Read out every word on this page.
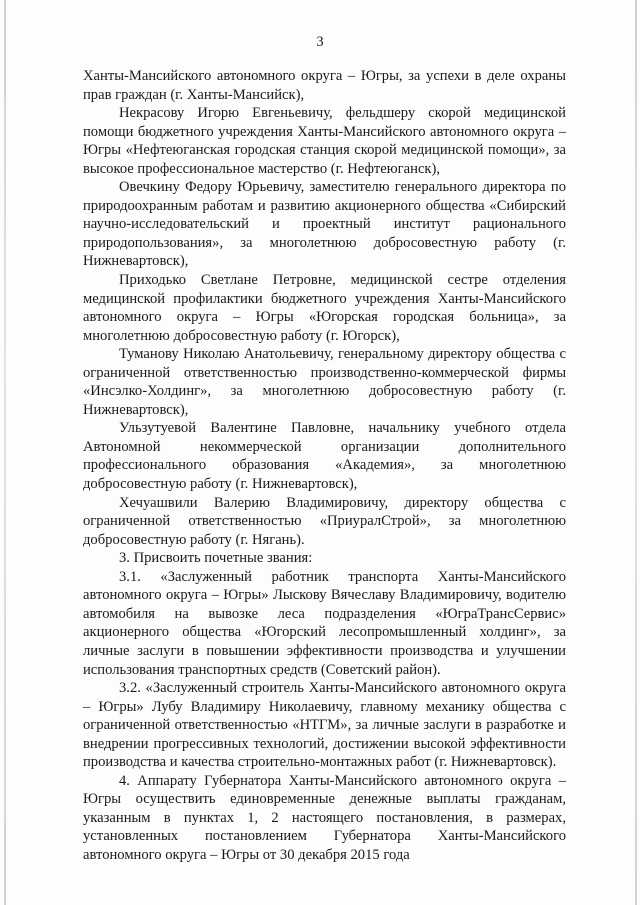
3

Ханты-Мансийского автономного округа – Югры, за успехи в деле охраны прав граждан (г. Ханты-Мансийск),

Некрасову Игорю Евгеньевичу, фельдшеру скорой медицинской помощи бюджетного учреждения Ханты-Мансийского автономного округа – Югры «Нефтеюганская городская станция скорой медицинской помощи», за высокое профессиональное мастерство (г. Нефтеюганск),

Овечкину Федору Юрьевичу, заместителю генерального директора по природоохранным работам и развитию акционерного общества «Сибирский научно-исследовательский и проектный институт рационального природопользования», за многолетнюю добросовестную работу (г. Нижневартовск),

Приходько Светлане Петровне, медицинской сестре отделения медицинской профилактики бюджетного учреждения Ханты-Мансийского автономного округа – Югры «Югорская городская больница», за многолетнюю добросовестную работу (г. Югорск),

Туманову Николаю Анатольевичу, генеральному директору общества с ограниченной ответственностью производственно-коммерческой фирмы «Инсэлко-Холдинг», за многолетнюю добросовестную работу (г. Нижневартовск),

Ульзутуевой Валентине Павловне, начальнику учебного отдела Автономной некоммерческой организации дополнительного профессионального образования «Академия», за многолетнюю добросовестную работу (г. Нижневартовск),

Хечуашвили Валерию Владимировичу, директору общества с ограниченной ответственностью «ПриуралСтрой», за многолетнюю добросовестную работу (г. Нягань).

3. Присвоить почетные звания:

3.1. «Заслуженный работник транспорта Ханты-Мансийского автономного округа – Югры» Лыскову Вячеславу Владимировичу, водителю автомобиля на вывозке леса подразделения «ЮграТрансСервис» акционерного общества «Югорский лесопромышленный холдинг», за личные заслуги в повышении эффективности производства и улучшении использования транспортных средств (Советский район).

3.2. «Заслуженный строитель Ханты-Мансийского автономного округа – Югры» Лубу Владимиру Николаевичу, главному механику общества с ограниченной ответственностью «НТГМ», за личные заслуги в разработке и внедрении прогрессивных технологий, достижении высокой эффективности производства и качества строительно-монтажных работ (г. Нижневартовск).

4. Аппарату Губернатора Ханты-Мансийского автономного округа – Югры осуществить единовременные денежные выплаты гражданам, указанным в пунктах 1, 2 настоящего постановления, в размерах, установленных постановлением Губернатора Ханты-Мансийского автономного округа – Югры от 30 декабря 2015 года
